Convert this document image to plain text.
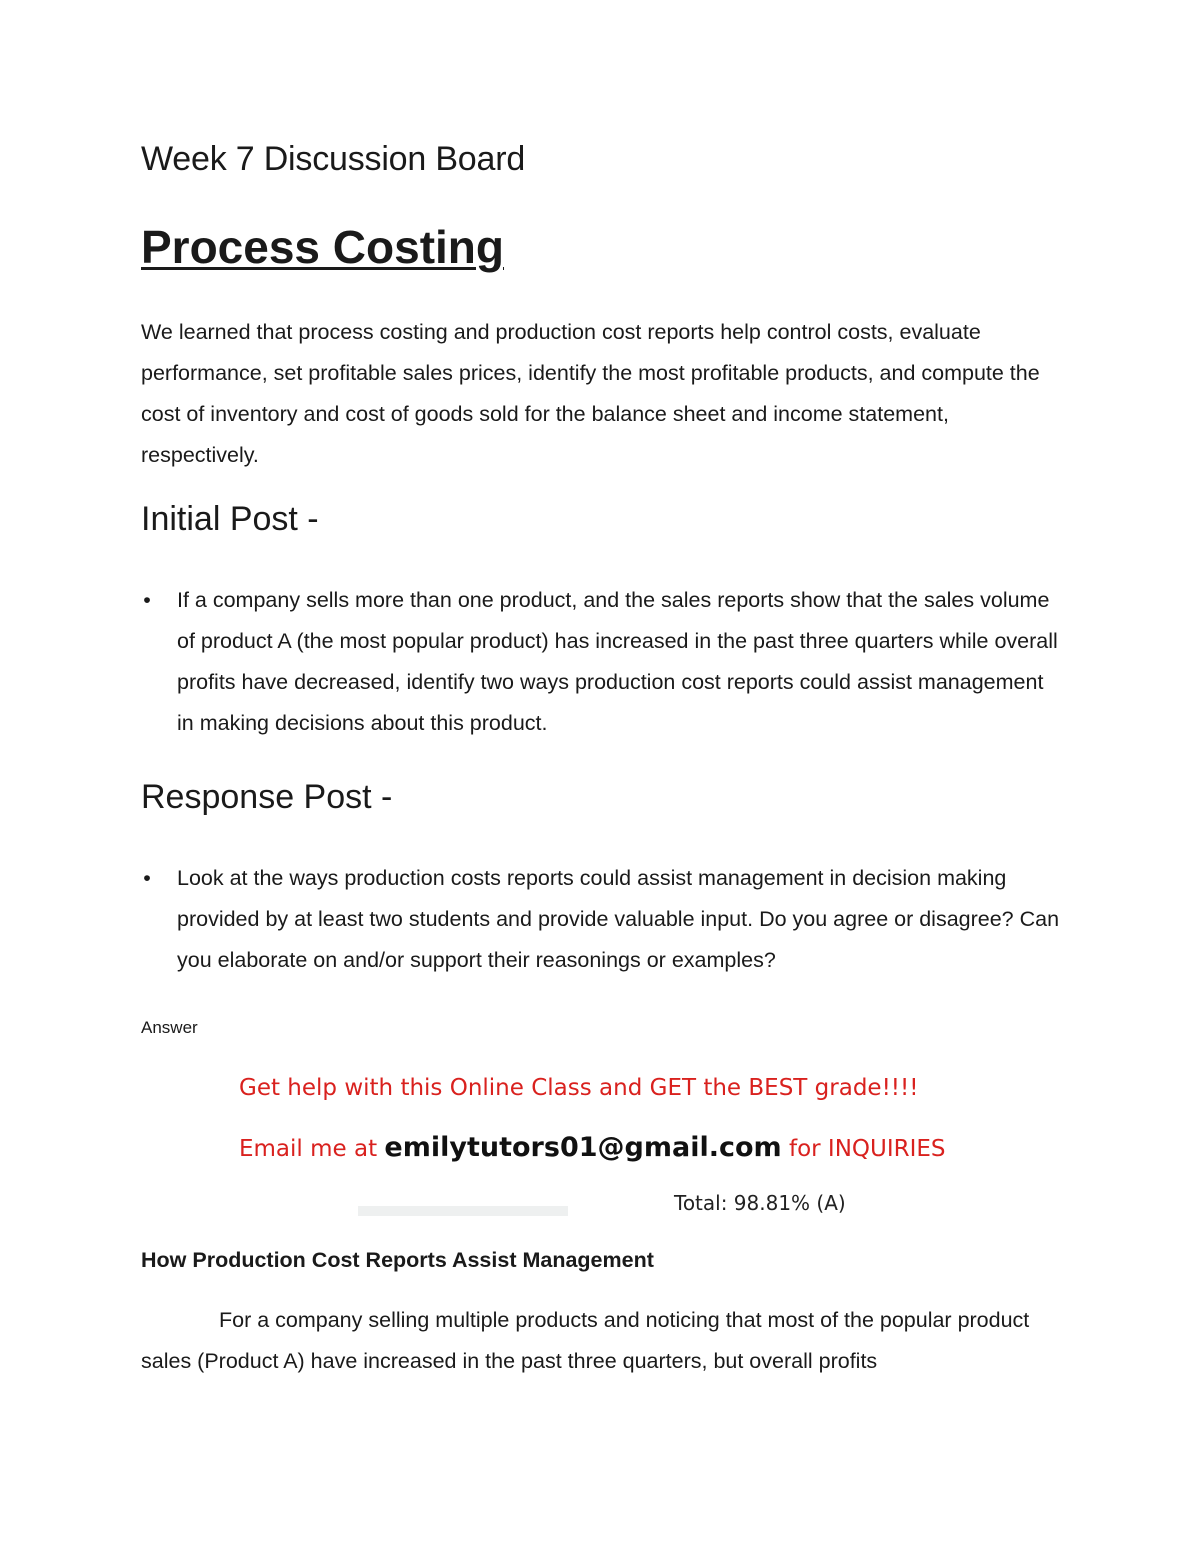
Week 7 Discussion Board
Process Costing

We learned that process costing and production cost reports help control costs, evaluate performance, set profitable sales prices, identify the most profitable products, and compute the cost of inventory and cost of goods sold for the balance sheet and income statement, respectively.

Initial Post -
• If a company sells more than one product, and the sales reports show that the sales volume of product A (the most popular product) has increased in the past three quarters while overall profits have decreased, identify two ways production cost reports could assist management in making decisions about this product.
Response Post -
• Look at the ways production costs reports could assist management in decision making provided by at least two students and provide valuable input. Do you agree or disagree? Can you elaborate on and/or support their reasonings or examples?

Answer

Get help with this Online Class and GET the BEST grade!!!!
Email me at emilytutors01@gmail.com for INQUIRIES
Total: 98.81% (A)
How Production Cost Reports Assist Management

For a company selling multiple products and noticing that most of the popular product sales (Product A) have increased in the past three quarters, but overall profits
